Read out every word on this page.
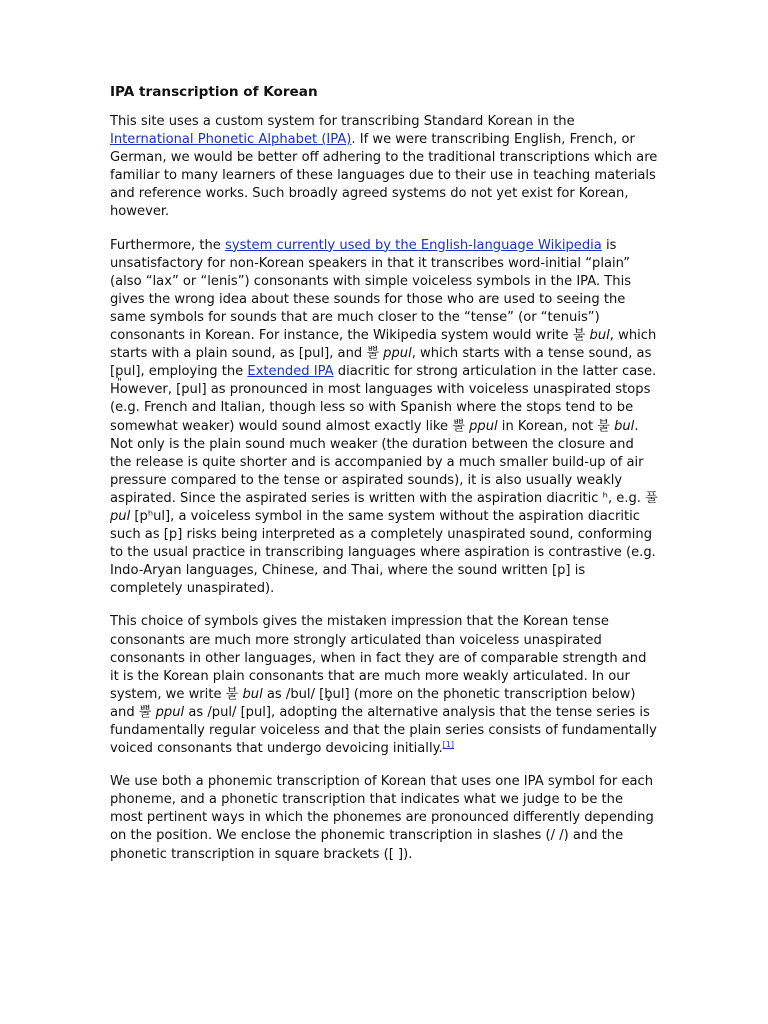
IPA transcription of Korean

This site uses a custom system for transcribing Standard Korean in the International Phonetic Alphabet (IPA). If we were transcribing English, French, or German, we would be better off adhering to the traditional transcriptions which are familiar to many learners of these languages due to their use in teaching materials and reference works. Such broadly agreed systems do not yet exist for Korean, however.

Furthermore, the system currently used by the English-language Wikipedia is unsatisfactory for non-Korean speakers in that it transcribes word-initial “plain” (also “lax” or “lenis”) consonants with simple voiceless symbols in the IPA. This gives the wrong idea about these sounds for those who are used to seeing the same symbols for sounds that are much closer to the “tense” (or “tenuis”) consonants in Korean. For instance, the Wikipedia system would write 불 bul, which starts with a plain sound, as [pul], and 뿔 ppul, which starts with a tense sound, as [p͈ul], employing the Extended IPA diacritic for strong articulation in the latter case. However, [pul] as pronounced in most languages with voiceless unaspirated stops (e.g. French and Italian, though less so with Spanish where the stops tend to be somewhat weaker) would sound almost exactly like 뿔 ppul in Korean, not 불 bul. Not only is the plain sound much weaker (the duration between the closure and the release is quite shorter and is accompanied by a much smaller build-up of air pressure compared to the tense or aspirated sounds), it is also usually weakly aspirated. Since the aspirated series is written with the aspiration diacritic ʰ, e.g. 풀 pul [pʰul], a voiceless symbol in the same system without the aspiration diacritic such as [p] risks being interpreted as a completely unaspirated sound, conforming to the usual practice in transcribing languages where aspiration is contrastive (e.g. Indo-Aryan languages, Chinese, and Thai, where the sound written [p] is completely unaspirated).

This choice of symbols gives the mistaken impression that the Korean tense consonants are much more strongly articulated than voiceless unaspirated consonants in other languages, when in fact they are of comparable strength and it is the Korean plain consonants that are much more weakly articulated. In our system, we write 불 bul as /bul/ [b̥ul] (more on the phonetic transcription below) and 뿔 ppul as /pul/ [pul], adopting the alternative analysis that the tense series is fundamentally regular voiceless and that the plain series consists of fundamentally voiced consonants that undergo devoicing initially.[1]

We use both a phonemic transcription of Korean that uses one IPA symbol for each phoneme, and a phonetic transcription that indicates what we judge to be the most pertinent ways in which the phonemes are pronounced differently depending on the position. We enclose the phonemic transcription in slashes (/ /) and the phonetic transcription in square brackets ([ ]).
